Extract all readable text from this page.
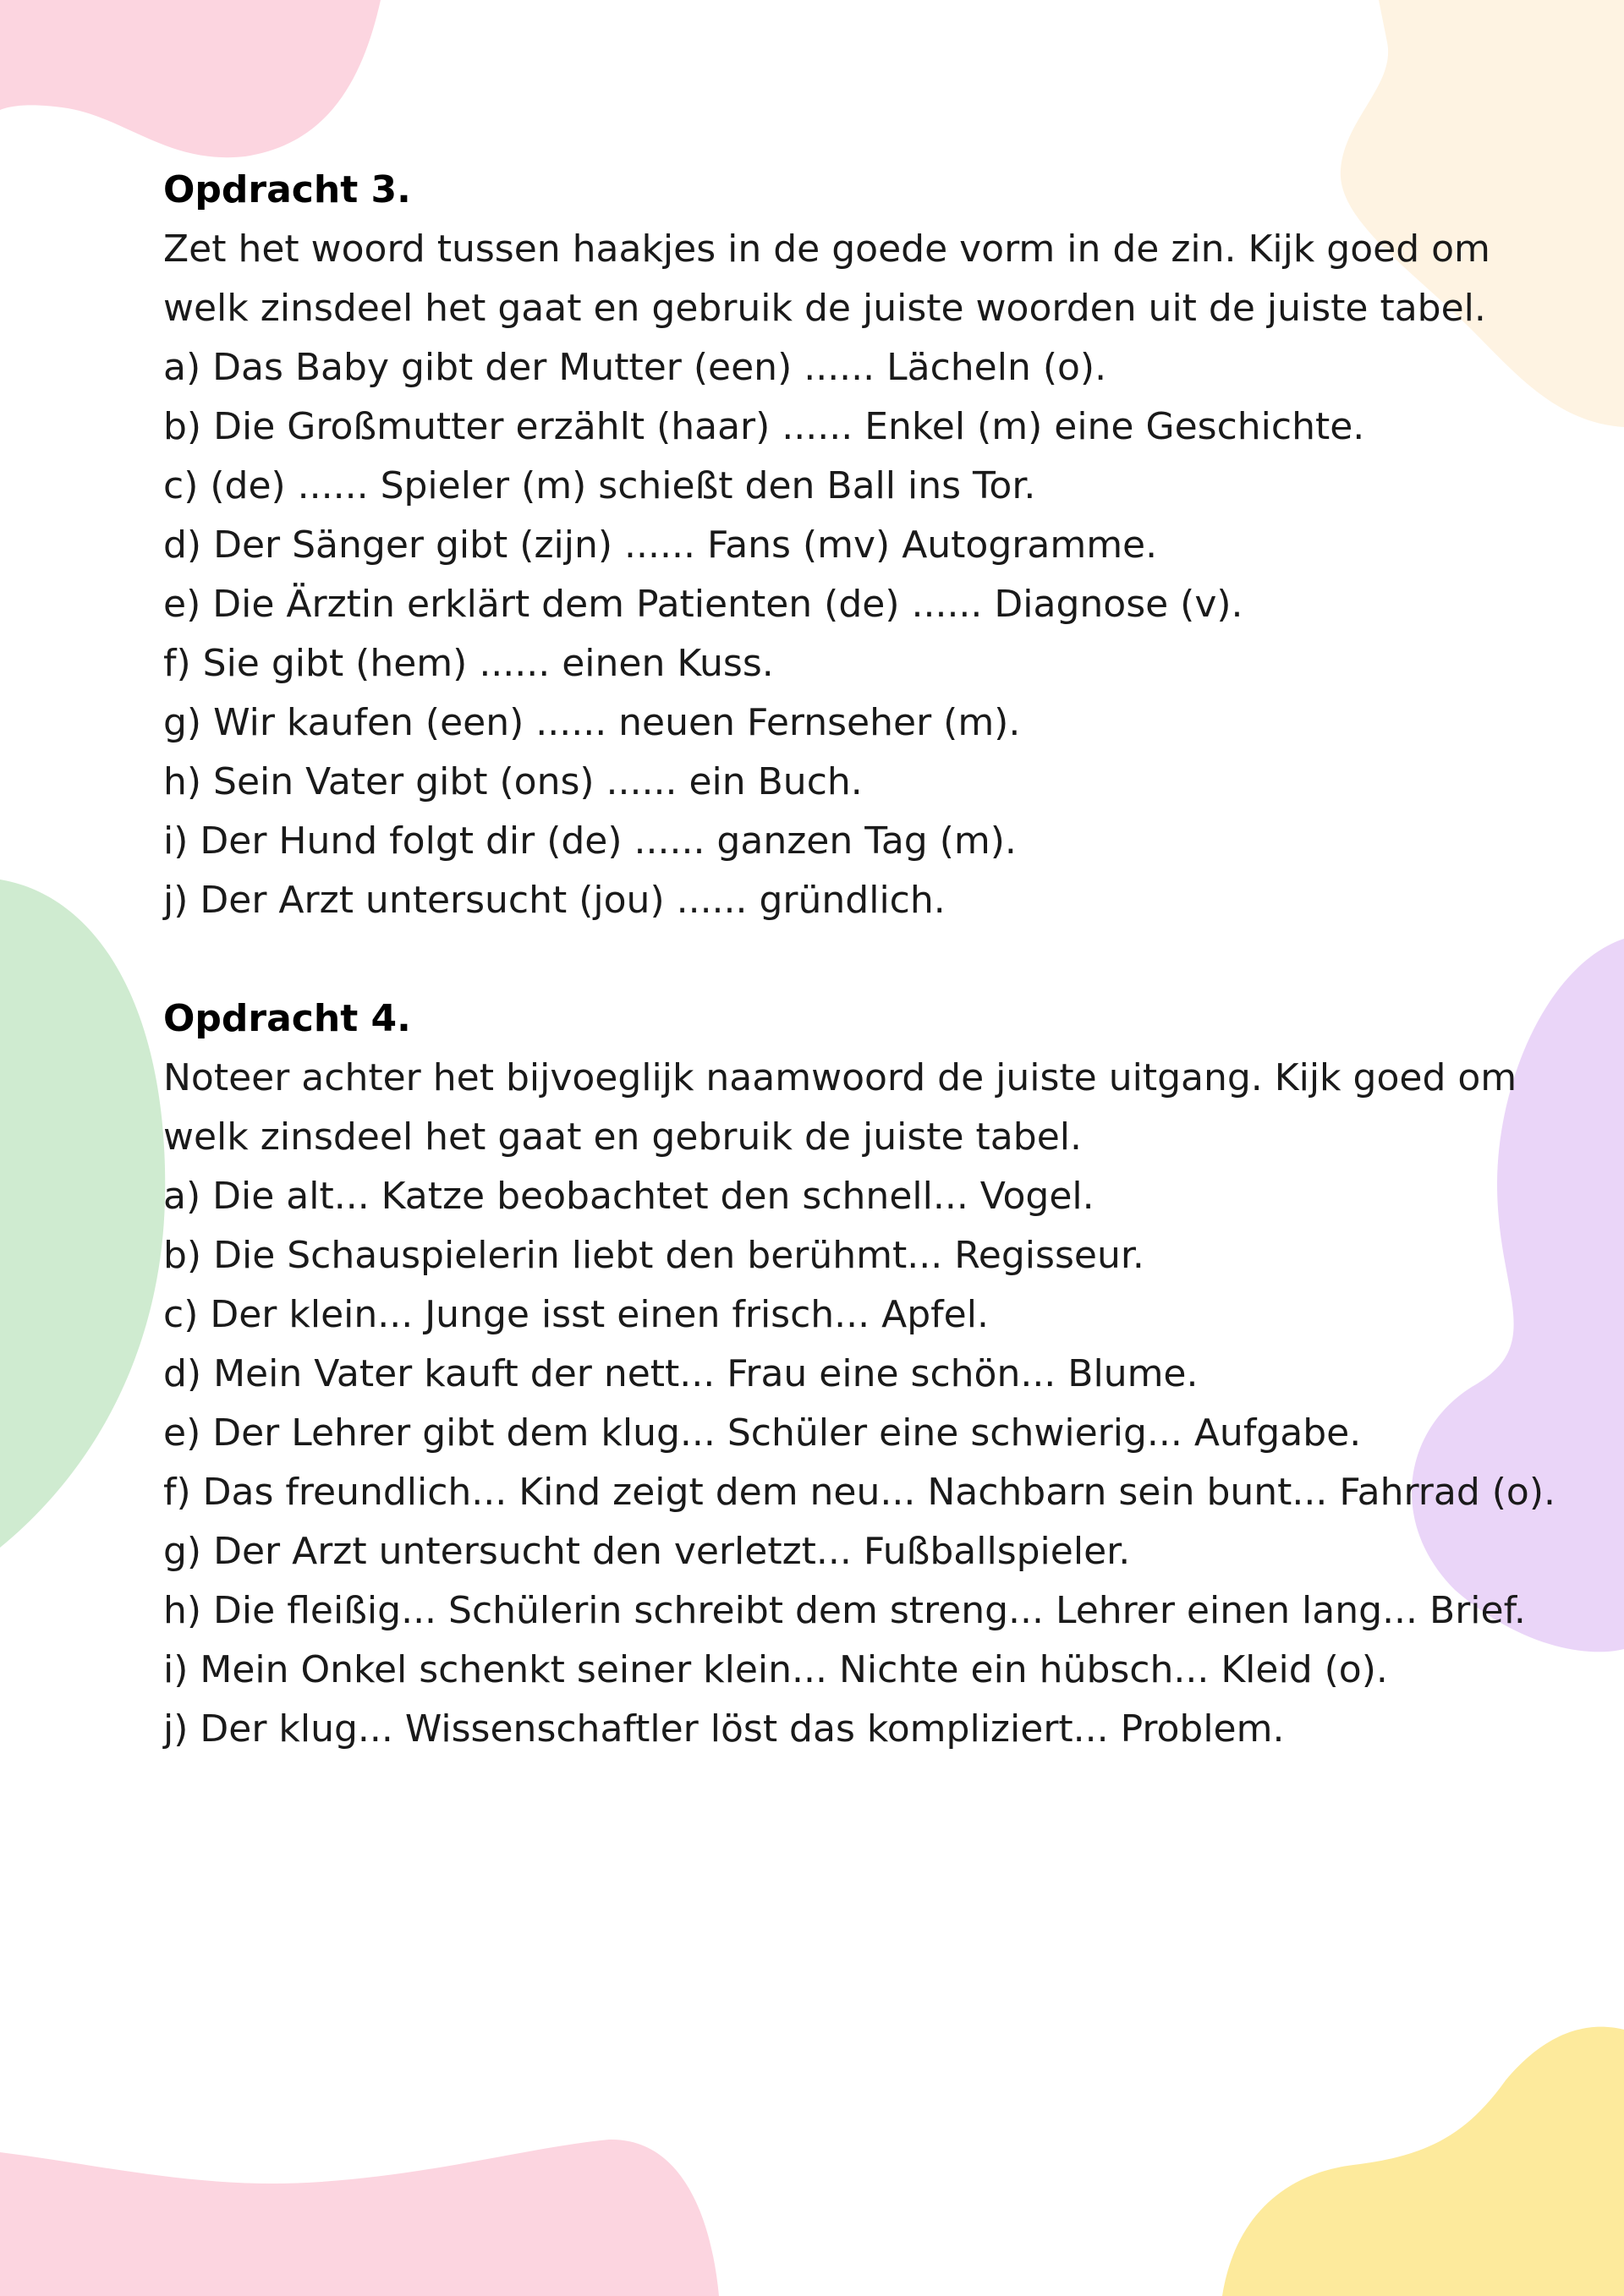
Opdracht 3.

Zet het woord tussen haakjes in de goede vorm in de zin. Kijk goed om

welk zinsdeel het gaat en gebruik de juiste woorden uit de juiste tabel.

a) Das Baby gibt der Mutter (een) ...... Lächeln (o).
b) Die Großmutter erzählt (haar) ...... Enkel (m) eine Geschichte.
c) (de) ...... Spieler (m) schießt den Ball ins Tor.
d) Der Sänger gibt (zijn) ...... Fans (mv) Autogramme.
e) Die Ärztin erklärt dem Patienten (de) ...... Diagnose (v).
f) Sie gibt (hem) ...... einen Kuss.
g) Wir kaufen (een) ...... neuen Fernseher (m).
h) Sein Vater gibt (ons) ...... ein Buch.
i) Der Hund folgt dir (de) ...... ganzen Tag (m).
j) Der Arzt untersucht (jou) ...... gründlich.
Opdracht 4.

Noteer achter het bijvoeglijk naamwoord de juiste uitgang. Kijk goed om

welk zinsdeel het gaat en gebruik de juiste tabel.

a) Die alt... Katze beobachtet den schnell... Vogel.
b) Die Schauspielerin liebt den berühmt... Regisseur.
c) Der klein... Junge isst einen frisch... Apfel.
d) Mein Vater kauft der nett... Frau eine schön... Blume.
e) Der Lehrer gibt dem klug... Schüler eine schwierig... Aufgabe.
f) Das freundlich... Kind zeigt dem neu... Nachbarn sein bunt... Fahrrad (o).
g) Der Arzt untersucht den verletzt... Fußballspieler.
h) Die fleißig... Schülerin schreibt dem streng... Lehrer einen lang... Brief.
i) Mein Onkel schenkt seiner klein... Nichte ein hübsch... Kleid (o).
j) Der klug... Wissenschaftler löst das kompliziert... Problem.
